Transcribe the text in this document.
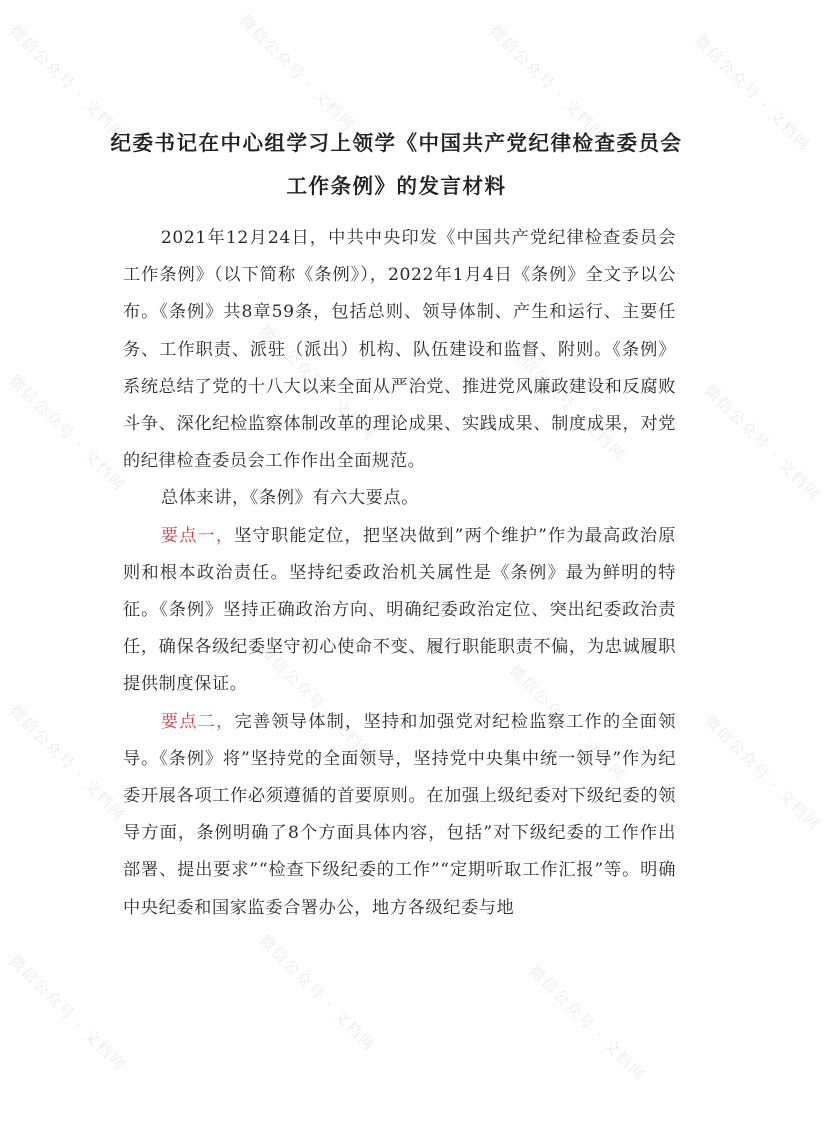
微信公众号 · 文档网	微信公众号 · 文档网	微信公众号 · 文档网	微信公众号 · 文档网
微信公众号 · 文档网	微信公众号 · 文档网	微信公众号 · 文档网	微信公众号 · 文档网
微信公众号 · 文档网	微信公众号 · 文档网	微信公众号 · 文档网	微信公众号 · 文档网
微信公众号 · 文档网	微信公众号 · 文档网	微信公众号 · 文档网
纪委书记在中心组学习上领学《中国共产党纪律检查委员会工作条例》的发言材料

2021年12月24日，中共中央印发《中国共产党纪律检查委员会工作条例》（以下简称《条例》），2022年1月4日《条例》全文予以公布。《条例》共8章59条，包括总则、领导体制、产生和运行、主要任务、工作职责、派驻（派出）机构、队伍建设和监督、附则。《条例》系统总结了党的十八大以来全面从严治党、推进党风廉政建设和反腐败斗争、深化纪检监察体制改革的理论成果、实践成果、制度成果，对党的纪律检查委员会工作作出全面规范。

总体来讲，《条例》有六大要点。

要点一，坚守职能定位，把坚决做到”两个维护”作为最高政治原则和根本政治责任。坚持纪委政治机关属性是《条例》最为鲜明的特征。《条例》坚持正确政治方向、明确纪委政治定位、突出纪委政治责任，确保各级纪委坚守初心使命不变、履行职能职责不偏，为忠诚履职提供制度保证。

要点二，完善领导体制，坚持和加强党对纪检监察工作的全面领导。《条例》将”坚持党的全面领导，坚持党中央集中统一领导”作为纪委开展各项工作必须遵循的首要原则。在加强上级纪委对下级纪委的领导方面，条例明确了8个方面具体内容，包括”对下级纪委的工作作出部署、提出要求”“检查下级纪委的工作”“定期听取工作汇报”等。明确中央纪委和国家监委合署办公，地方各级纪委与地
